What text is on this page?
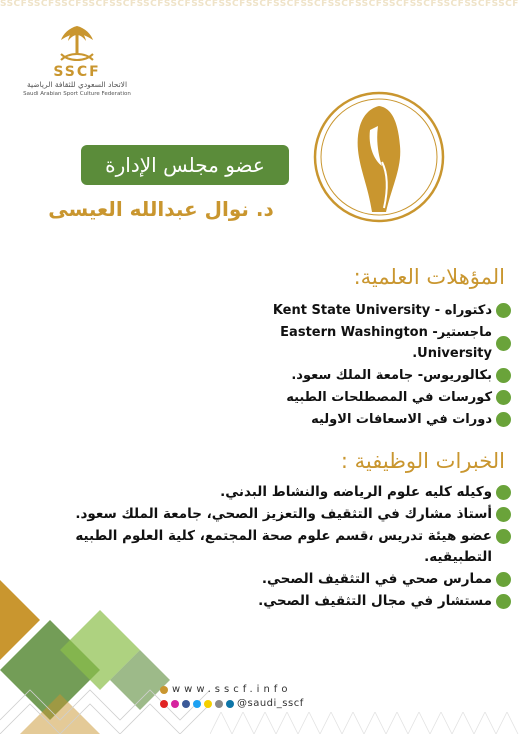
SSCFSSCFSSCFSSCFSSCFSSCFSSCFSSCFSSCFSSCFSSCFSSCFSSCFSSCFSSCFSSCFSSCFSSCFSSCF
SSCF
الاتحاد السعودي للثقافة الرياضية
Saudi Arabian Sport Culture Federation
عضو مجلس الإدارة
د. نوال عبدالله العيسى
المؤهلات العلمية:
دكتوراه - Kent State University
ماجستير- Eastern Washington University.
بكالوريوس- جامعة الملك سعود.
كورسات في المصطلحات الطبيه
دورات في الاسعافات الاوليه
الخبرات الوظيفية :
وكيله كليه علوم الرياضه والنشاط البدني.
أستاذ مشارك في التثقيف والتعزيز الصحي، جامعة الملك سعود.
عضو هيئة تدريس ،قسم علوم صحة المجتمع، كلية العلوم الطبيه التطبيقيه.
ممارس صحي في التثقيف الصحي.
مستشار في مجال التثقيف الصحي.
www.sscf.info
@saudi_sscf
